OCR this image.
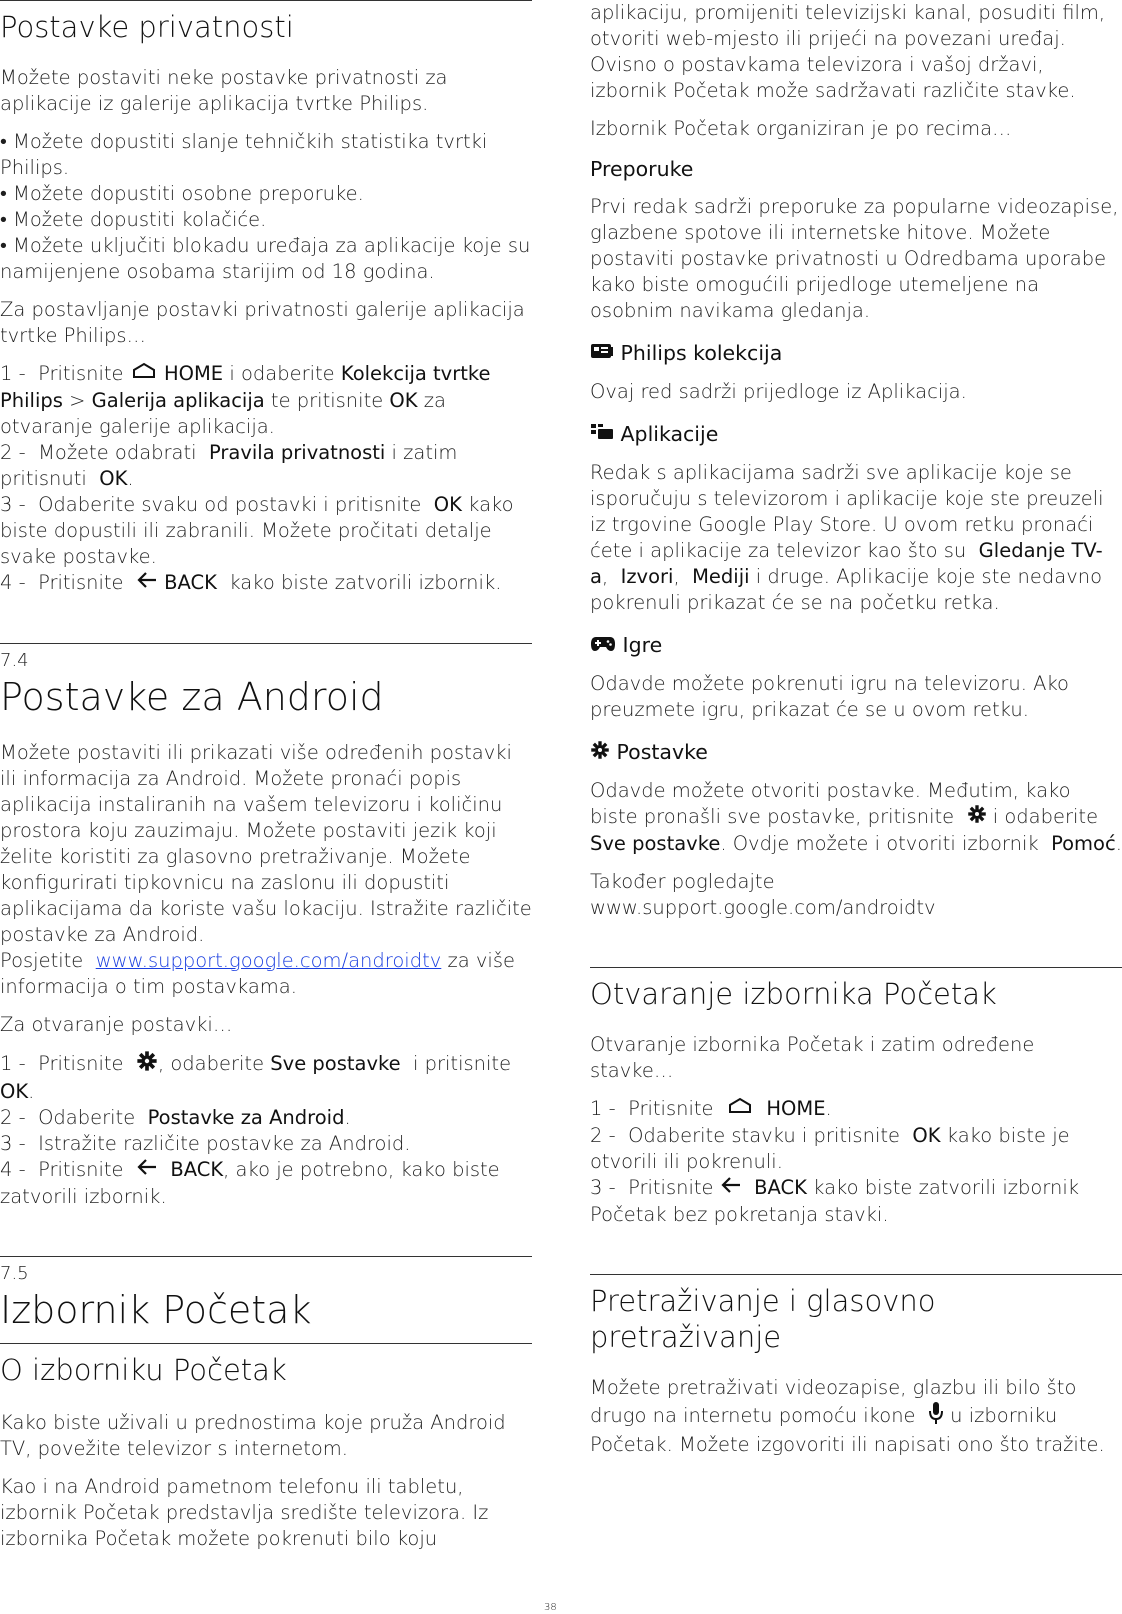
Postavke privatnosti

Možete postaviti neke postavke privatnosti za aplikacije iz galerije aplikacija tvrtke Philips.

• Možete dopustiti slanje tehničkih statistika tvrtki Philips.
• Možete dopustiti osobne preporuke.
• Možete dopustiti kolačiće.
• Možete uključiti blokadu uređaja za aplikacije koje su namijenjene osobama starijim od 18 godina.

Za postavljanje postavki privatnosti galerije aplikacija tvrtke Philips…

1 - Pritisnite HOME i odaberite Kolekcija tvrtke Philips > Galerija aplikacija te pritisnite OK za otvaranje galerije aplikacija.
2 - Možete odabrati Pravila privatnosti i zatim pritisnuti OK.
3 - Odaberite svaku od postavki i pritisnite OK kako biste dopustili ili zabranili. Možete pročitati detalje svake postavke.
4 - Pritisnite BACK kako biste zatvorili izbornik.
7.4
Postavke za Android

Možete postaviti ili prikazati više određenih postavki ili informacija za Android. Možete pronaći popis aplikacija instaliranih na vašem televizoru i količinu prostora koju zauzimaju. Možete postaviti jezik koji želite koristiti za glasovno pretraživanje. Možete konfigurirati tipkovnicu na zaslonu ili dopustiti aplikacijama da koriste vašu lokaciju. Istražite različite postavke za Android.
Posjetite www.support.google.com/androidtv za više informacija o tim postavkama.

Za otvaranje postavki…

1 - Pritisnite , odaberite Sve postavke i pritisnite  OK.
2 - Odaberite Postavke za Android.
3 - Istražite različite postavke za Android.
4 - Pritisnite BACK, ako je potrebno, kako biste zatvorili izbornik.
7.5
Izbornik Početak
O izborniku Početak

Kako biste uživali u prednostima koje pruža Android TV, povežite televizor s internetom.

Kao i na Android pametnom telefonu ili tabletu, izbornik Početak predstavlja središte televizora. Iz izbornika Početak možete pokrenuti bilo koju

aplikaciju, promijeniti televizijski kanal, posuditi film, otvoriti web-mjesto ili prijeći na povezani uređaj. Ovisno o postavkama televizora i vašoj državi, izbornik Početak može sadržavati različite stavke.

Izbornik Početak organiziran je po recima…

Preporuke

Prvi redak sadrži preporuke za popularne videozapise, glazbene spotove ili internetske hitove. Možete postaviti postavke privatnosti u Odredbama uporabe kako biste omogućili prijedloge utemeljene na osobnim navikama gledanja.

Philips kolekcija

Ovaj red sadrži prijedloge iz Aplikacija.

Aplikacije

Redak s aplikacijama sadrži sve aplikacije koje se isporučuju s televizorom i aplikacije koje ste preuzeli iz trgovine Google Play Store. U ovom retku pronaći ćete i aplikacije za televizor kao što su Gledanje TV-a, Izvori, Mediji i druge. Aplikacije koje ste nedavno pokrenuli prikazat će se na početku retka.

Igre

Odavde možete pokrenuti igru na televizoru. Ako preuzmete igru, prikazat će se u ovom retku.

Postavke

Odavde možete otvoriti postavke. Međutim, kako biste pronašli sve postavke, pritisnite i odaberite  Sve postavke. Ovdje možete i otvoriti izbornik Pomoć.

Također pogledajte www.support.google.com/androidtv

Otvaranje izbornika Početak

Otvaranje izbornika Početak i zatim određene stavke…

1 - Pritisnite	HOME.
2 - Odaberite stavku i pritisnite OK kako biste je otvorili ili pokrenuli.
3 - Pritisnite BACK kako biste zatvorili izbornik Početak bez pokretanja stavki.
Pretraživanje i glasovno pretraživanje

Možete pretraživati videozapise, glazbu ili bilo što drugo na internetu pomoću ikone u izborniku Početak. Možete izgovoriti ili napisati ono što tražite.

38
